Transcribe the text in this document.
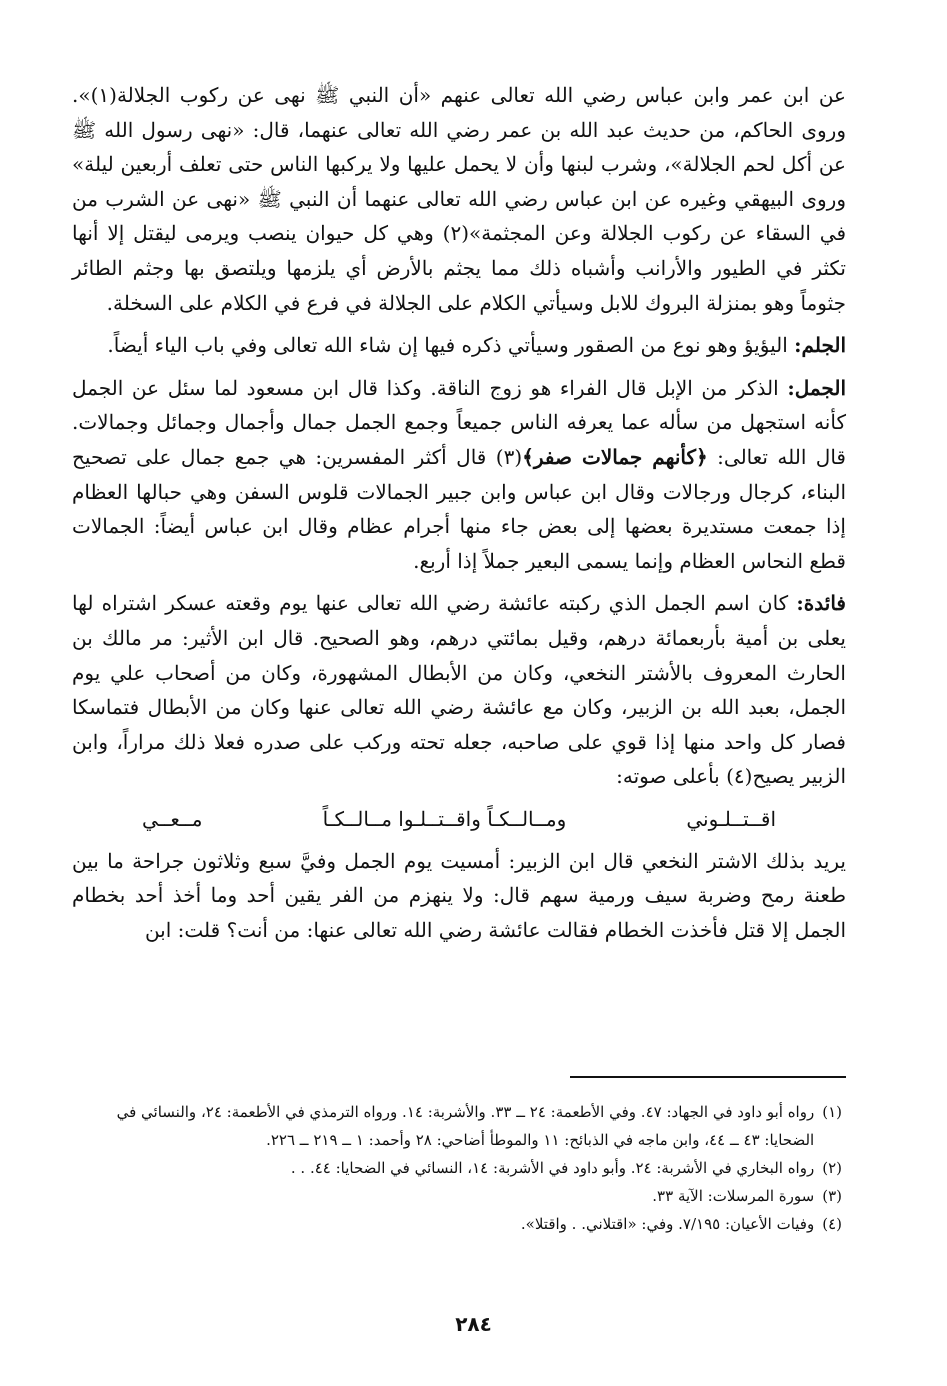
عن ابن عمر وابن عباس رضي الله تعالى عنهم «أن النبي ﷺ نهى عن ركوب الجلالة(١)». وروى الحاكم، من حديث عبد الله بن عمر رضي الله تعالى عنهما، قال: «نهى رسول الله ﷺ عن أكل لحم الجلالة»، وشرب لبنها وأن لا يحمل عليها ولا يركبها الناس حتى تعلف أربعين ليلة» وروى البيهقي وغيره عن ابن عباس رضي الله تعالى عنهما أن النبي ﷺ «نهى عن الشرب من في السقاء عن ركوب الجلالة وعن المجثمة»(٢) وهي كل حيوان ينصب ويرمى ليقتل إلا أنها تكثر في الطيور والأرانب وأشباه ذلك مما يجثم بالأرض أي يلزمها ويلتصق بها وجثم الطائر جثوماً وهو بمنزلة البروك للابل وسيأتي الكلام على الجلالة في فرع في الكلام على السخلة.

الجلم: اليؤيؤ وهو نوع من الصقور وسيأتي ذكره فيها إن شاء الله تعالى وفي باب الياء أيضاً.

الجمل: الذكر من الإبل قال الفراء هو زوج الناقة. وكذا قال ابن مسعود لما سئل عن الجمل كأنه استجهل من سأله عما يعرفه الناس جميعاً وجمع الجمل جمال وأجمال وجمائل وجمالات. قال الله تعالى: ﴿كأنهم جمالات صفر﴾(٣) قال أكثر المفسرين: هي جمع جمال على تصحيح البناء، كرجال ورجالات وقال ابن عباس وابن جبير الجمالات قلوس السفن وهي حبالها العظام إذا جمعت مستديرة بعضها إلى بعض جاء منها أجرام عظام وقال ابن عباس أيضاً: الجمالات قطع النحاس العظام وإنما يسمى البعير جملاً إذا أربع.

فائدة: كان اسم الجمل الذي ركبته عائشة رضي الله تعالى عنها يوم وقعته عسكر اشتراه لها يعلى بن أمية بأربعمائة درهم، وقيل بمائتي درهم، وهو الصحيح. قال ابن الأثير: مر مالك بن الحارث المعروف بالأشتر النخعي، وكان من الأبطال المشهورة، وكان من أصحاب علي يوم الجمل، بعبد الله بن الزبير، وكان مع عائشة رضي الله تعالى عنها وكان من الأبطال فتماسكا فصار كل واحد منها إذا قوي على صاحبه، جعله تحته وركب على صدره فعلا ذلك مراراً، وابن الزبير يصيح(٤) بأعلى صوته:

اقــتــلـوني
ومــالــكـاً واقــتــلـوا مــالــكـاً
مــعــي

يريد بذلك الاشتر النخعي قال ابن الزبير: أمسيت يوم الجمل وفيَّ سبع وثلاثون جراحة ما بين طعنة رمح وضربة سيف ورمية سهم قال: ولا ينهزم من الفر يقين أحد وما أخذ أحد بخطام الجمل إلا قتل فأخذت الخطام فقالت عائشة رضي الله تعالى عنها: من أنت؟ قلت: ابن

(١)
رواه أبو داود في الجهاد: ٤٧. وفي الأطعمة: ٢٤ ــ ٣٣. والأشربة: ١٤. ورواه الترمذي في الأطعمة: ٢٤، والنسائي في الضحايا: ٤٣ ــ ٤٤، وابن ماجه في الذبائح: ١١ والموطأ أضاحي: ٢٨ وأحمد: ١ ــ ٢١٩ ــ ٢٢٦.
(٢)
رواه البخاري في الأشربة: ٢٤. وأبو داود في الأشربة: ١٤، النسائي في الضحايا: ٤٤. . .
(٣)
سورة المرسلات: الآية ٣٣.
(٤)
وفيات الأعيان: ٧/١٩٥. وفي: «اقتلاني. . واقتلا».
٢٨٤
